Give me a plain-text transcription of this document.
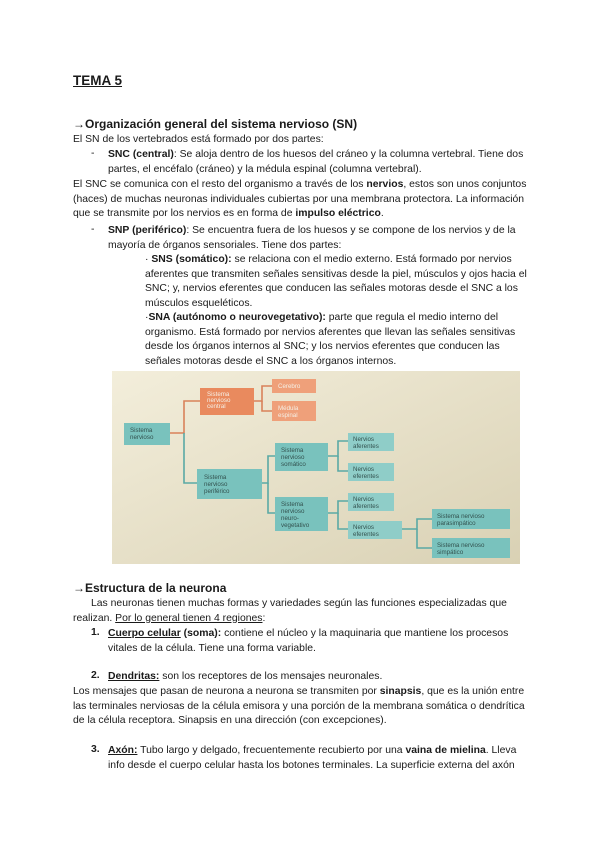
TEMA 5
→Organización general del sistema nervioso (SN)
El SN de los vertebrados está formado por dos partes:
- SNC (central): Se aloja dentro de los huesos del cráneo y la columna vertebral. Tiene dos
partes, el encéfalo (cráneo) y la médula espinal (columna vertebral).
El SNC se comunica con el resto del organismo a través de los nervios, estos son unos conjuntos
(haces) de muchas neuronas individuales cubiertas por una membrana protectora. La información
que se transmite por los nervios es en forma de impulso eléctrico.
- SNP (periférico): Se encuentra fuera de los huesos y se compone de los nervios y de la
mayoría de órganos sensoriales. Tiene dos partes:
· SNS (somático): se relaciona con el medio externo. Está formado por nervios
aferentes que transmiten señales sensitivas desde la piel, músculos y ojos hacia el
SNC; y, nervios eferentes que conducen las señales motoras desde el SNC a los
músculos esqueléticos.
·SNA (autónomo o neurovegetativo): parte que regula el medio interno del
organismo. Está formado por nervios aferentes que llevan las señales sensitivas
desde los órganos internos al SNC; y los nervios eferentes que conducen las
señales motoras desde el SNC a los órganos internos.
Sistema
nervioso
Sistema
nervioso
central
Cerebro
Médula
espinal
Sistema
nervioso
periférico
Sistema
nervioso
somático
Nervios
aferentes
Nervios
eferentes
Sistema
nervioso
neuro-
vegetativo
Nervios
aferentes
Nervios
eferentes
Sistema nervioso
parasimpático
Sistema nervioso
simpático
→Estructura de la neurona
Las neuronas tienen muchas formas y variedades según las funciones especializadas que
realizan. Por lo general tienen 4 regiones:
1. Cuerpo celular (soma): contiene el núcleo y la maquinaria que mantiene los procesos
vitales de la célula. Tiene una forma variable.
2. Dendritas: son los receptores de los mensajes neuronales.
Los mensajes que pasan de neurona a neurona se transmiten por sinapsis, que es la unión entre
las terminales nerviosas de la célula emisora y una porción de la membrana somática o dendrítica
de la célula receptora. Sinapsis en una dirección (con excepciones).
3. Axón: Tubo largo y delgado, frecuentemente recubierto por una vaina de mielina. Lleva
info desde el cuerpo celular hasta los botones terminales. La superficie externa del axón
